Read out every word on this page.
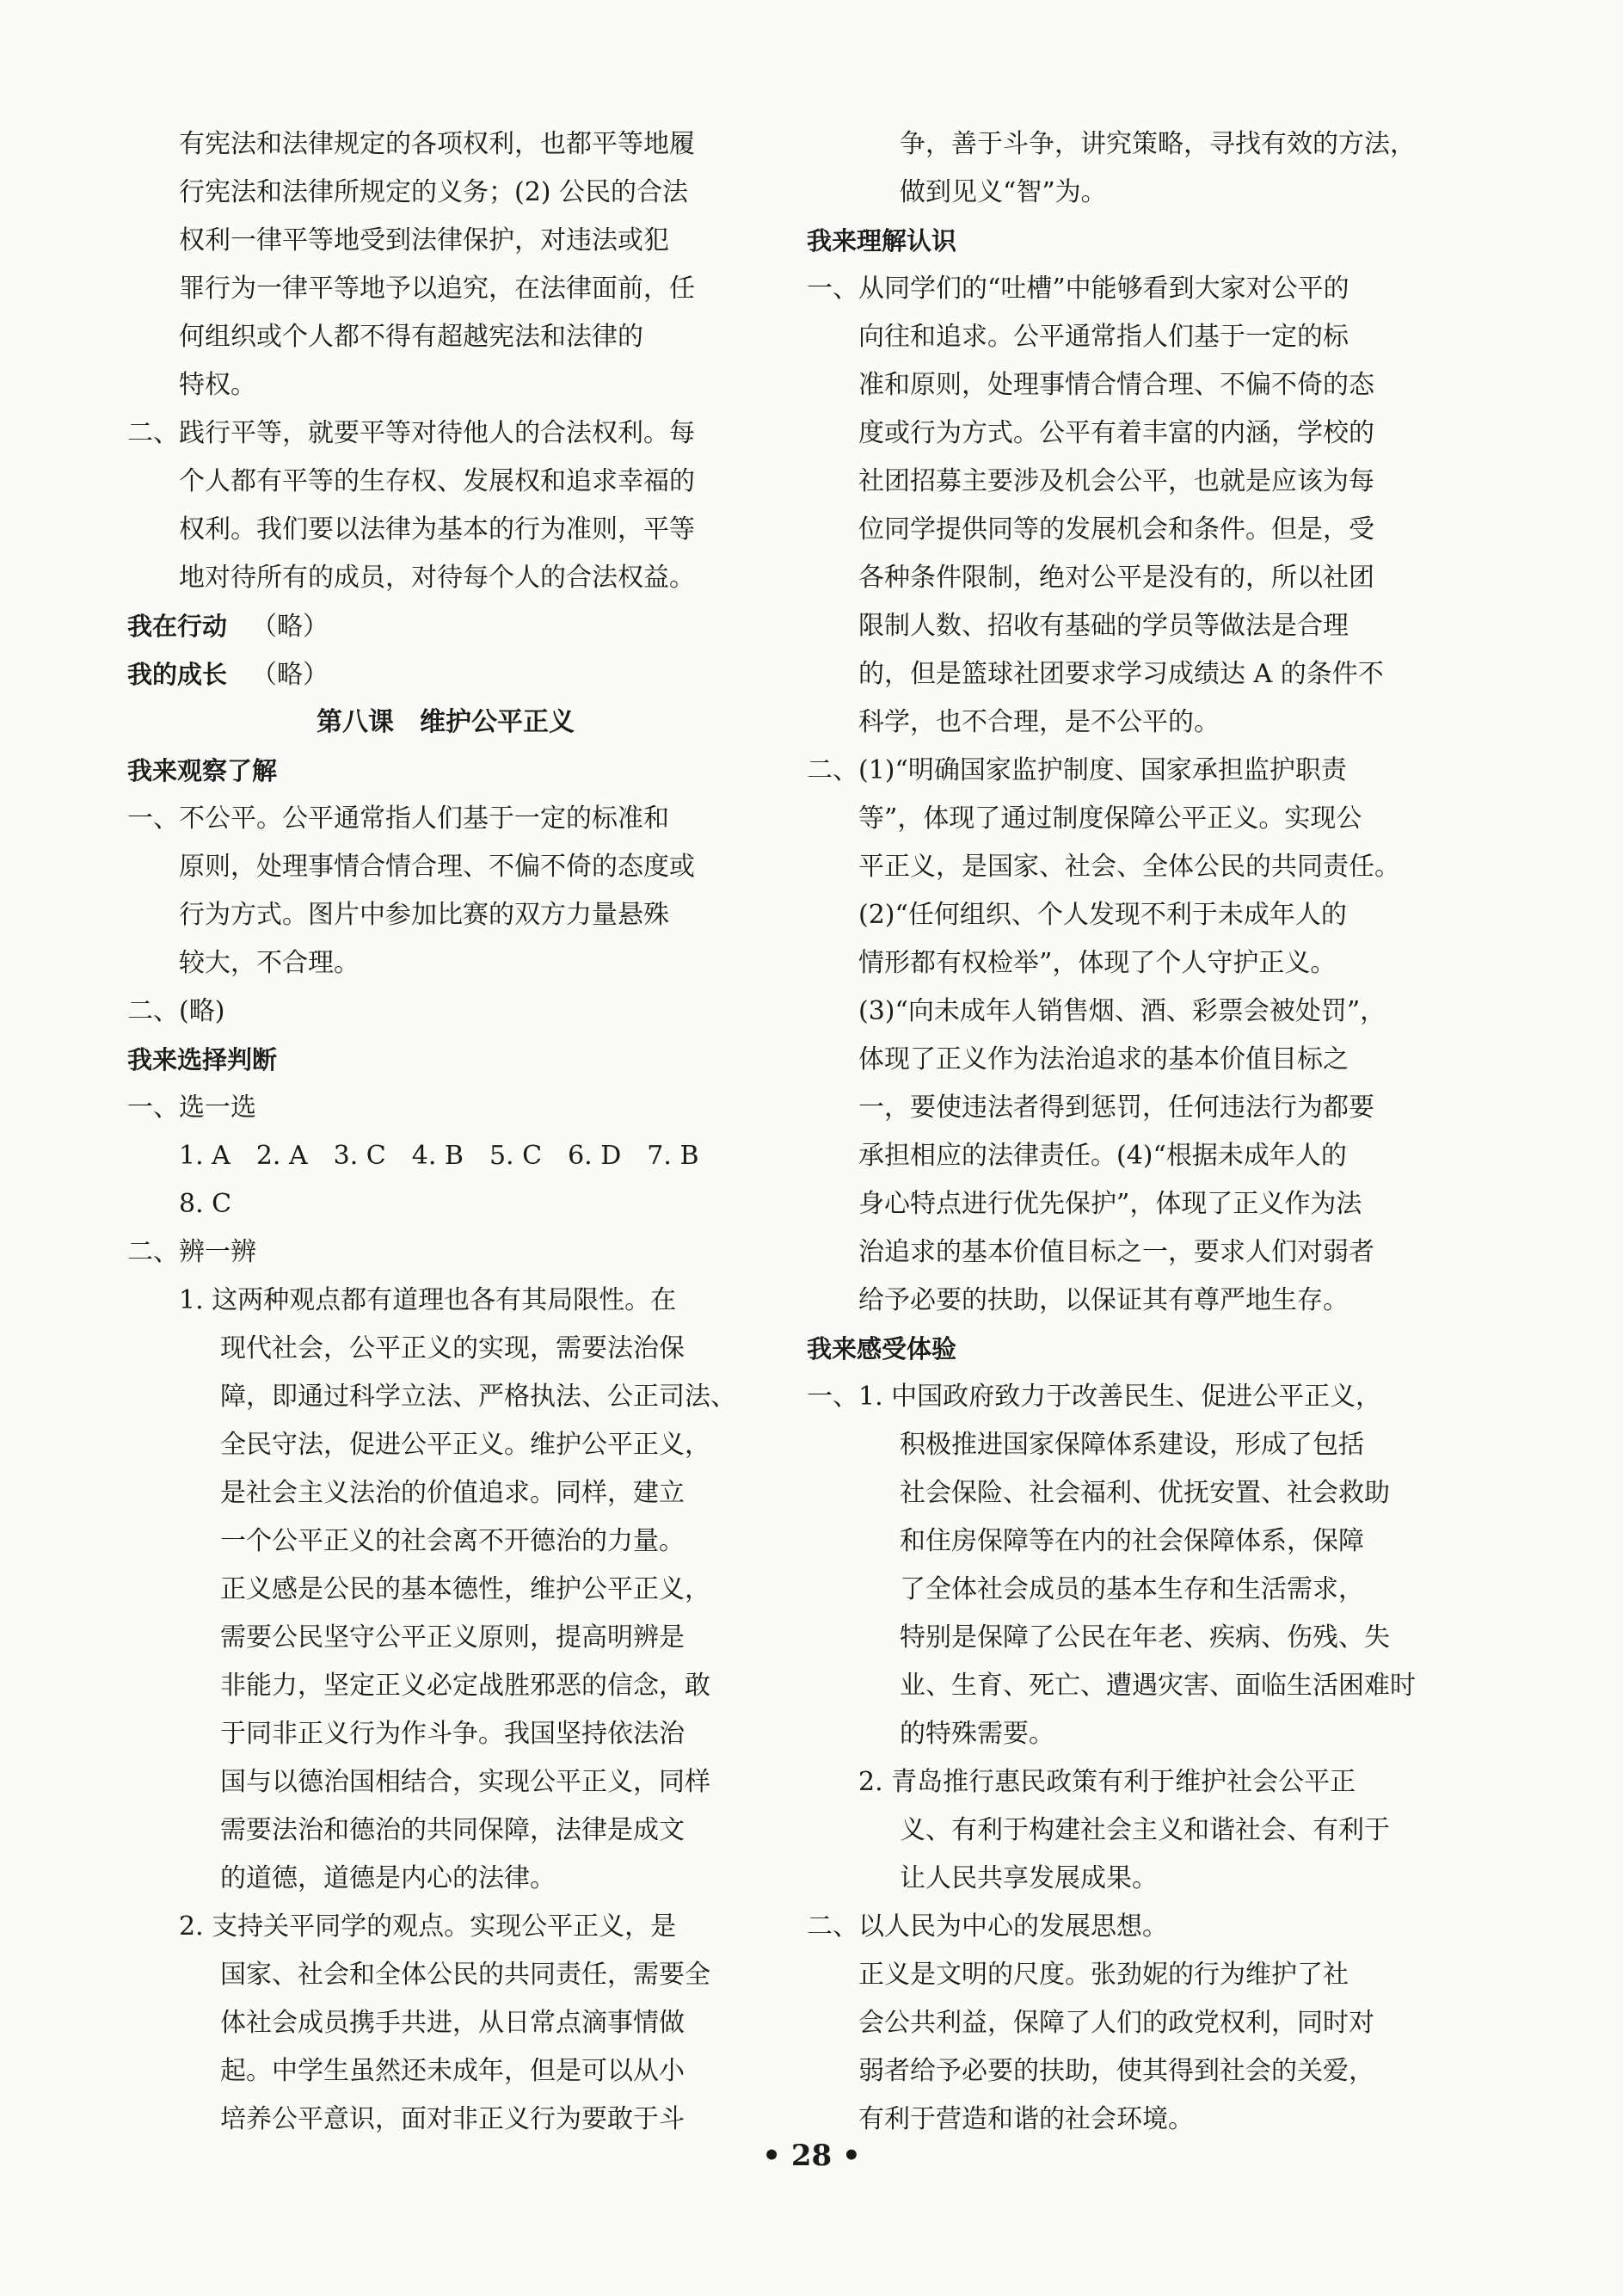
有宪法和法律规定的各项权利，也都平等地履
行宪法和法律所规定的义务；(2) 公民的合法
权利一律平等地受到法律保护，对违法或犯
罪行为一律平等地予以追究，在法律面前，任
何组织或个人都不得有超越宪法和法律的
特权。
二、践行平等，就要平等对待他人的合法权利。每
个人都有平等的生存权、发展权和追求幸福的
权利。我们要以法律为基本的行为准则，平等
地对待所有的成员，对待每个人的合法权益。
我在行动 （略）
我的成长 （略）
第八课　维护公平正义
我来观察了解
一、不公平。公平通常指人们基于一定的标准和
原则，处理事情合情合理、不偏不倚的态度或
行为方式。图片中参加比赛的双方力量悬殊
较大，不合理。
二、(略)
我来选择判断
一、选一选
1. A　2. A　3. C　4. B　5. C　6. D　7. B
8. C
二、辨一辨
1. 这两种观点都有道理也各有其局限性。在
现代社会，公平正义的实现，需要法治保
障，即通过科学立法、严格执法、公正司法、
全民守法，促进公平正义。维护公平正义，
是社会主义法治的价值追求。同样，建立
一个公平正义的社会离不开德治的力量。
正义感是公民的基本德性，维护公平正义，
需要公民坚守公平正义原则，提高明辨是
非能力，坚定正义必定战胜邪恶的信念，敢
于同非正义行为作斗争。我国坚持依法治
国与以德治国相结合，实现公平正义，同样
需要法治和德治的共同保障，法律是成文
的道德，道德是内心的法律。
2. 支持关平同学的观点。实现公平正义，是
国家、社会和全体公民的共同责任，需要全
体社会成员携手共进，从日常点滴事情做
起。中学生虽然还未成年，但是可以从小
培养公平意识，面对非正义行为要敢于斗
争，善于斗争，讲究策略，寻找有效的方法，
做到见义“智”为。
我来理解认识
一、从同学们的“吐槽”中能够看到大家对公平的
向往和追求。公平通常指人们基于一定的标
准和原则，处理事情合情合理、不偏不倚的态
度或行为方式。公平有着丰富的内涵，学校的
社团招募主要涉及机会公平，也就是应该为每
位同学提供同等的发展机会和条件。但是，受
各种条件限制，绝对公平是没有的，所以社团
限制人数、招收有基础的学员等做法是合理
的，但是篮球社团要求学习成绩达 A 的条件不
科学，也不合理，是不公平的。
二、(1)“明确国家监护制度、国家承担监护职责
等”，体现了通过制度保障公平正义。实现公
平正义，是国家、社会、全体公民的共同责任。
(2)“任何组织、个人发现不利于未成年人的
情形都有权检举”，体现了个人守护正义。
(3)“向未成年人销售烟、酒、彩票会被处罚”，
体现了正义作为法治追求的基本价值目标之
一，要使违法者得到惩罚，任何违法行为都要
承担相应的法律责任。(4)“根据未成年人的
身心特点进行优先保护”，体现了正义作为法
治追求的基本价值目标之一，要求人们对弱者
给予必要的扶助，以保证其有尊严地生存。
我来感受体验
一、1. 中国政府致力于改善民生、促进公平正义，
积极推进国家保障体系建设，形成了包括
社会保险、社会福利、优抚安置、社会救助
和住房保障等在内的社会保障体系，保障
了全体社会成员的基本生存和生活需求，
特别是保障了公民在年老、疾病、伤残、失
业、生育、死亡、遭遇灾害、面临生活困难时
的特殊需要。
2. 青岛推行惠民政策有利于维护社会公平正
义、有利于构建社会主义和谐社会、有利于
让人民共享发展成果。
二、以人民为中心的发展思想。
正义是文明的尺度。张劲妮的行为维护了社
会公共利益，保障了人们的政党权利，同时对
弱者给予必要的扶助，使其得到社会的关爱，
有利于营造和谐的社会环境。
• 28 •
